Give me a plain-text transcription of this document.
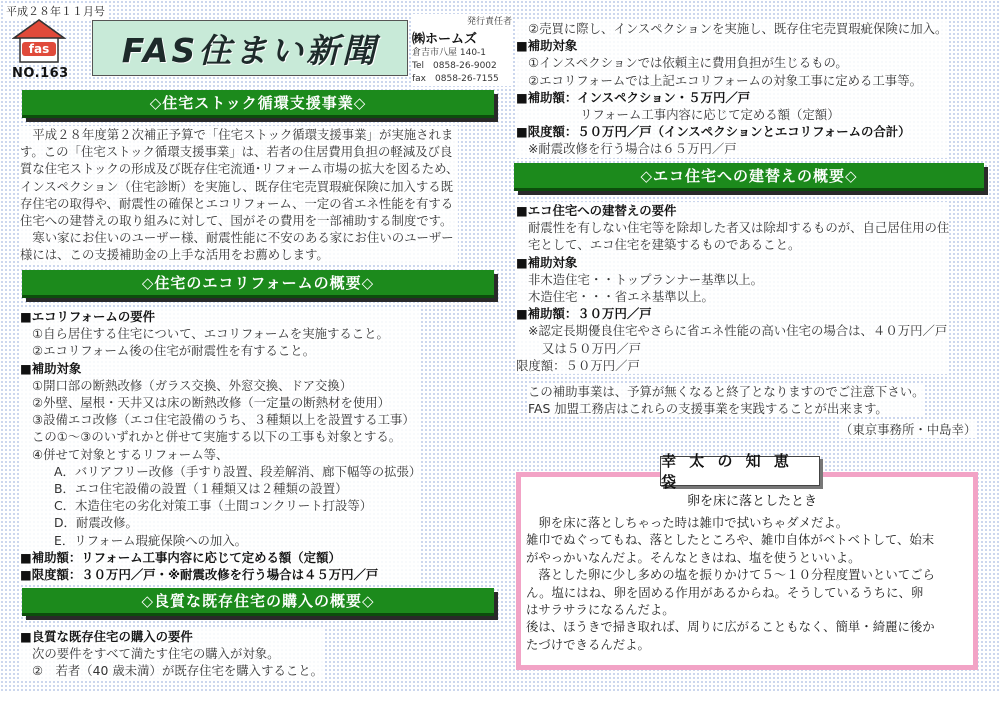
平成２８年１１月号
fas
NO.163
FAS住まい新聞
発行責任者
㈱ホームズ
倉吉市八屋 140-1
Tel　0858-26-9002
fax　0858-26-7155
◇住宅ストック循環支援事業◇
　平成２８年度第２次補正予算で「住宅ストック循環支援事業」が実施されま
す。この「住宅ストック循環支援事業」は、若者の住居費用負担の軽減及び良
質な住宅ストックの形成及び既存住宅流通･リフォーム市場の拡大を図るため、
インスペクション（住宅診断）を実施し、既存住宅売買瑕疵保険に加入する既
存住宅の取得や、耐震性の確保とエコリフォーム、一定の省エネ性能を有する
住宅への建替えの取り組みに対して、国がその費用を一部補助する制度です。
　寒い家にお住いのユーザー様、耐震性能に不安のある家にお住いのユーザー
様には、この支援補助金の上手な活用をお薦めします。
◇住宅のエコリフォームの概要◇
■エコリフォームの要件
①自ら居住する住宅について、エコリフォームを実施すること。
②エコリフォーム後の住宅が耐震性を有すること。
■補助対象
①開口部の断熱改修（ガラス交換、外窓交換、ドア交換）
②外壁、屋根・天井又は床の断熱改修（一定量の断熱材を使用）
③設備エコ改修（エコ住宅設備のうち、３種類以上を設置する工事）
この①～③のいずれかと併せて実施する以下の工事も対象とする。
④併せて対象とするリフォーム等、
A．バリアフリー改修（手すり設置、段差解消、廊下幅等の拡張）
B．エコ住宅設備の設置（１種類又は２種類の設置）
C．木造住宅の劣化対策工事（土間コンクリート打設等）
D．耐震改修。
E．リフォーム瑕疵保険への加入。
■補助額：リフォーム工事内容に応じて定める額（定額）
■限度額：３０万円／戸・※耐震改修を行う場合は４５万円／戸
◇良質な既存住宅の購入の概要◇
■良質な既存住宅の購入の要件
次の要件をすべて満たす住宅の購入が対象。
②　若者（40 歳未満）が既存住宅を購入すること。
②売買に際し、インスペクションを実施し、既存住宅売買瑕疵保険に加入。
■補助対象
①インスペクションでは依頼主に費用負担が生じるもの。
②エコリフォームでは上記エコリフォームの対象工事に定める工事等。
■補助額：インスペクション・５万円／戸
リフォーム工事内容に応じて定める額（定額）
■限度額：５０万円／戸（インスペクションとエコリフォームの合計）
※耐震改修を行う場合は６５万円／戸
◇エコ住宅への建替えの概要◇
■エコ住宅への建替えの要件
耐震性を有しない住宅等を除却した者又は除却するものが、自己居住用の住
宅として、エコ住宅を建築するものであること。
■補助対象
非木造住宅・・トップランナー基準以上。
木造住宅・・・省エネ基準以上。
■補助額：３０万円／戸
※認定長期優良住宅やさらに省エネ性能の高い住宅の場合は、４０万円／戸
又は５０万円／戸
限度額：５０万円／戸
この補助事業は、予算が無くなると終了となりますのでご注意下さい。
FAS 加盟工務店はこれらの支援事業を実践することが出来ます。
（東京事務所・中島幸）
幸 太 の 知 恵 袋
卵を床に落としたとき
　卵を床に落としちゃった時は雑巾で拭いちゃダメだよ。
雑巾でぬぐってもね、落としたところや、雑巾自体がベトベトして、始末
がやっかいなんだよ。そんなときはね、塩を使うといいよ。
　落とした卵に少し多めの塩を振りかけて５～１０分程度置いといてごら
ん。塩にはね、卵を固める作用があるからね。そうしているうちに、卵
はサラサラになるんだよ。
後は、ほうきで掃き取れば、周りに広がることもなく、簡単・綺麗に後か
たづけできるんだよ。
